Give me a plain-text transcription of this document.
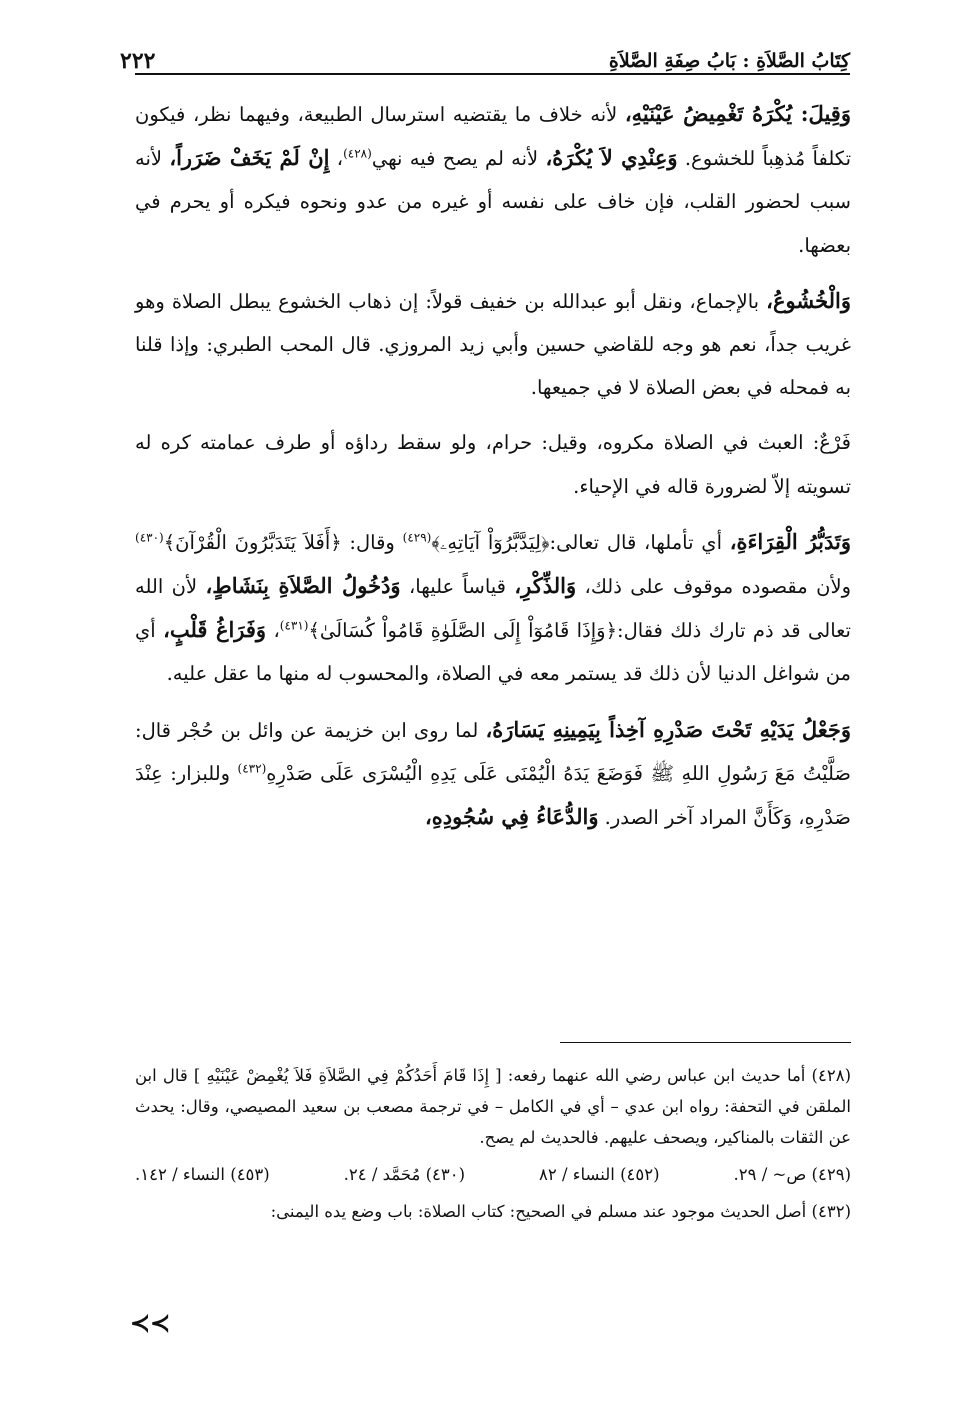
كِتَابُ الصَّلاَةِ : بَابُ صِفَةِ الصَّلاَةِ
٢٢٢

وَقِيلَ: يُكْرَهُ تَغْمِيضُ عَيْنَيْهِ، لأنه خلاف ما يقتضيه استرسال الطبيعة، وفيهما نظر، فيكون تكلفاً مُذهِباً للخشوع. وَعِنْدِي لاَ يُكْرَهُ، لأنه لم يصح فيه نهي$^{(٤٢٨)}$، إِنْ لَمْ يَخَفْ ضَرَراً، لأنه سبب لحضور القلب، فإن خاف على نفسه أو غيره من عدو ونحوه فيكره أو يحرم في بعضها.

وَالْخُشُوعُ، بالإجماع، ونقل أبو عبدالله بن خفيف قولاً: إن ذهاب الخشوع يبطل الصلاة وهو غريب جداً، نعم هو وجه للقاضي حسين وأبي زيد المروزي. قال المحب الطبري: وإذا قلنا به فمحله في بعض الصلاة لا في جميعها.

فَرْعٌ: العبث في الصلاة مكروه، وقيل: حرام، ولو سقط رداؤه أو طرف عمامته كره له تسويته إلاّ لضرورة قاله في الإحياء.

وَتَدَبُّرُ الْقِرَاءَةِ، أي تأملها، قال تعالى:﴿لِيَدَّبَّرُوٓاْ آيَاتِهِۦ﴾$^{(٤٢٩)}$ وقال: ﴿أَفَلاَ يَتَدَبَّرُونَ الْقُرْآنَ﴾$^{(٤٣٠)}$ ولأن مقصوده موقوف على ذلك، وَالذِّكْرِ، قياساً عليها، وَدُخُولُ الصَّلاَةِ بِنَشَاطٍ، لأن الله تعالى قد ذم تارك ذلك فقال:﴿وَإِذَا قَامُوٓاْ إِلَى الصَّلَوٰةِ قَامُواْ كُسَالَىٰ﴾$^{(٤٣١)}$، وَفَرَاغُ قَلْبٍ، أي من شواغل الدنيا لأن ذلك قد يستمر معه في الصلاة، والمحسوب له منها ما عقل عليه.

وَجَعْلُ يَدَيْهِ تَحْتَ صَدْرِهِ آخِذاً بِيَمِينِهِ يَسَارَهُ، لما روى ابن خزيمة عن وائل بن حُجْر قال: صَلَّيْتُ مَعَ رَسُولِ اللهِ ﷺ فَوَضَعَ يَدَهُ الْيُمْنَى عَلَى يَدِهِ الْيُسْرَى عَلَى صَدْرِهِ$^{(٤٣٢)}$ وللبزار: عِنْدَ صَدْرِهِ، وَكَأَنَّ المراد آخر الصدر. وَالدُّعَاءُ فِي سُجُودِهِ،

(٤٢٨) أما حديث ابن عباس رضي الله عنهما رفعه: [ إِذَا قَامَ أَحَدُكُمْ فِي الصَّلاَةِ فَلاَ يُغْمِضْ عَيْنَيْهِ ] قال ابن الملقن في التحفة: رواه ابن عدي – أي في الكامل – في ترجمة مصعب بن سعيد المصيصي، وقال: يحدث عن الثقات بالمناكير، ويصحف عليهم. فالحديث لم يصح.

(٤٢٩) ص~ / ٢٩.
(٤٥٢) النساء / ٨٢
(٤٣٠) مُحَمَّد / ٢٤.
(٤٥٣) النساء / ١٤٢.

(٤٣٢) أصل الحديث موجود عند مسلم في الصحيح: كتاب الصلاة: باب وضع يده اليمنى:

≺≺
